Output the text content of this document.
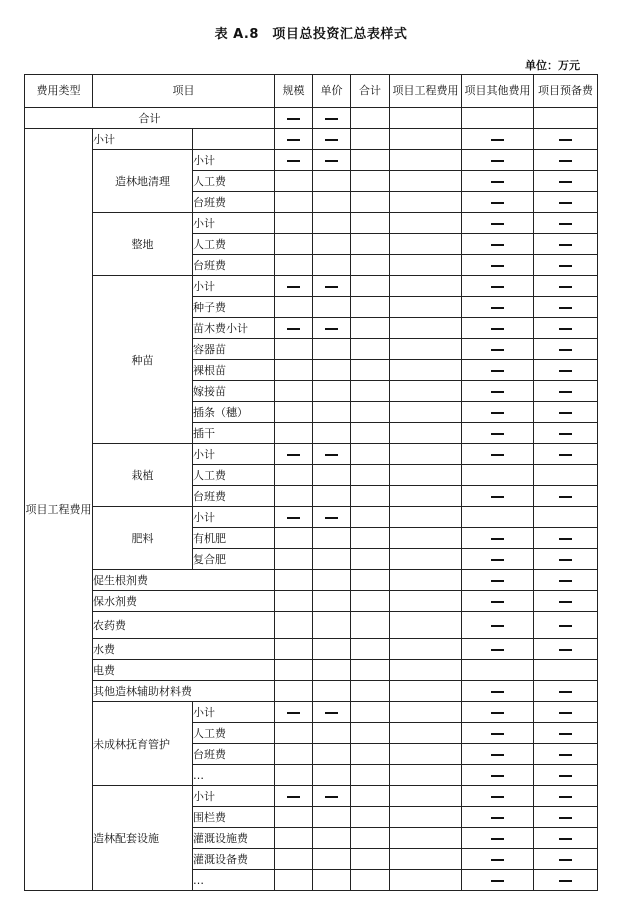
表 A.8　项目总投资汇总表样式
单位：万元
费用类型	项目		规模	单价	合计	项目工程费用	项目其他费用	项目预备费
合计								
项目工程费用	小计							
	造林地清理	小计						
		人工费						
		台班费						
	整地	小计						
		人工费						
		台班费						
	种苗	小计						
		种子费						
		苗木费小计						
		容器苗						
		裸根苗						
		嫁接苗						
		插条（穗）						
		插干						
	栽植	小计						
		人工费						
		台班费						
	肥料	小计						
		有机肥						
		复合肥						
	促生根剂费							
	保水剂费							
	农药费							
	水费							
	电费							
	其他造林辅助材料费							
	未成林抚育管护	小计						
		人工费						
		台班费						
		…						
	造林配套设施	小计						
		围栏费						
		灌溉设施费						
		灌溉设备费						
		…						
